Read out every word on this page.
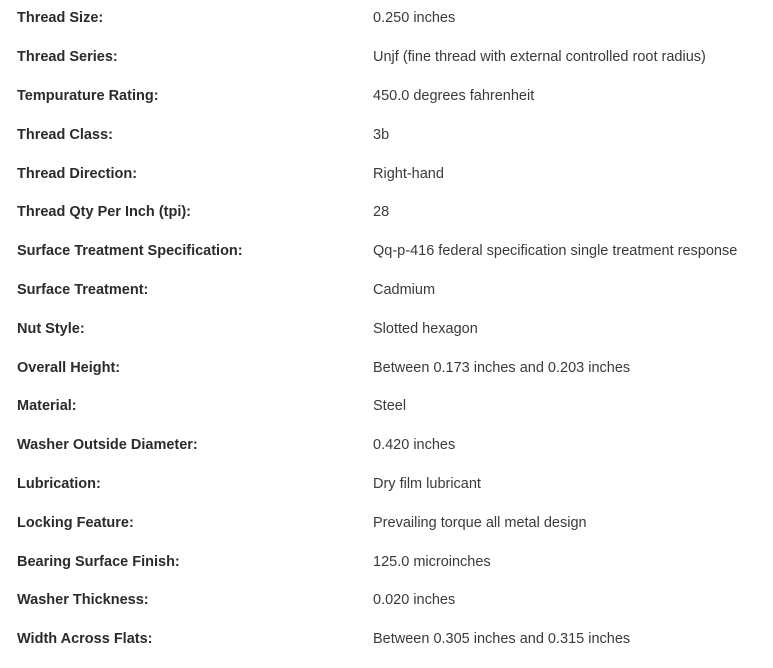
Thread Size:	0.250 inches
Thread Series:	Unjf (fine thread with external controlled root radius)
Tempurature Rating:	450.0 degrees fahrenheit
Thread Class:	3b
Thread Direction:	Right-hand
Thread Qty Per Inch (tpi):	28
Surface Treatment Specification:	Qq-p-416 federal specification single treatment response
Surface Treatment:	Cadmium
Nut Style:	Slotted hexagon
Overall Height:	Between 0.173 inches and 0.203 inches
Material:	Steel
Washer Outside Diameter:	0.420 inches
Lubrication:	Dry film lubricant
Locking Feature:	Prevailing torque all metal design
Bearing Surface Finish:	125.0 microinches
Washer Thickness:	0.020 inches
Width Across Flats:	Between 0.305 inches and 0.315 inches
